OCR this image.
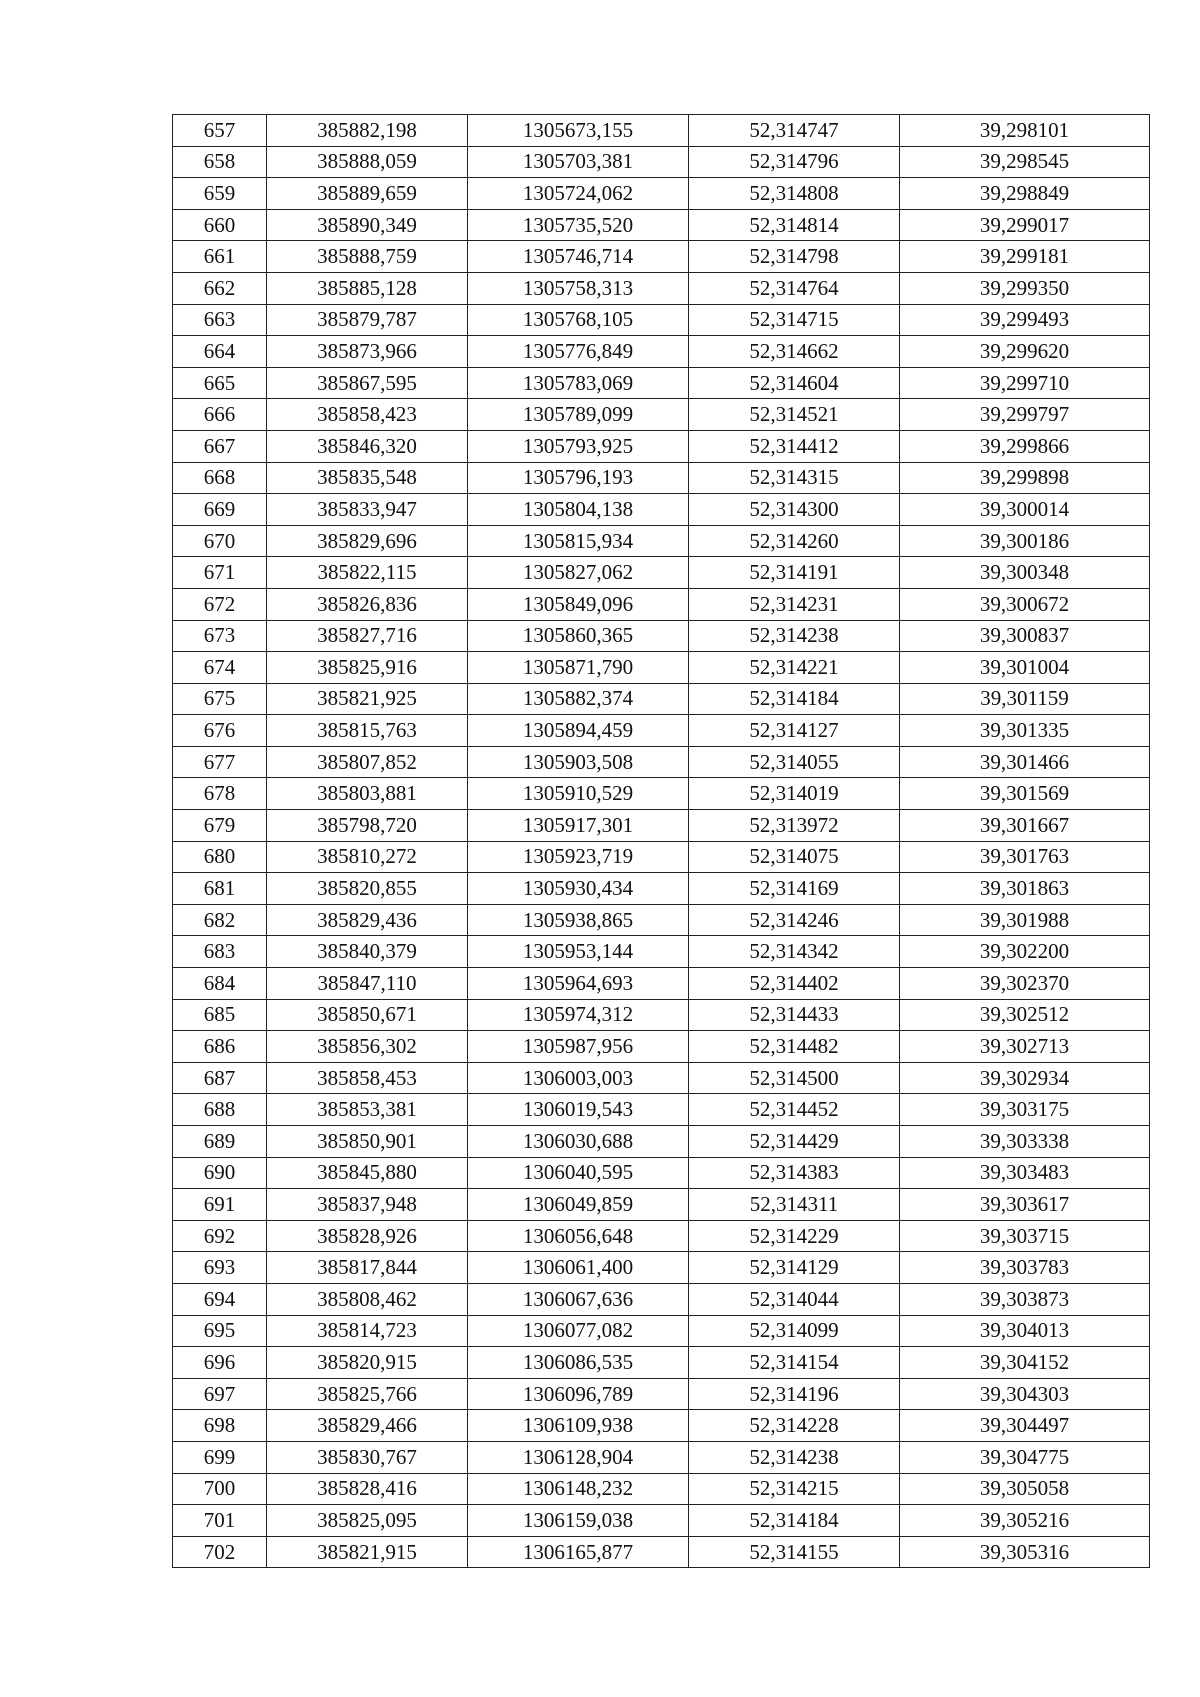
657	385882,198	1305673,155	52,314747	39,298101
658	385888,059	1305703,381	52,314796	39,298545
659	385889,659	1305724,062	52,314808	39,298849
660	385890,349	1305735,520	52,314814	39,299017
661	385888,759	1305746,714	52,314798	39,299181
662	385885,128	1305758,313	52,314764	39,299350
663	385879,787	1305768,105	52,314715	39,299493
664	385873,966	1305776,849	52,314662	39,299620
665	385867,595	1305783,069	52,314604	39,299710
666	385858,423	1305789,099	52,314521	39,299797
667	385846,320	1305793,925	52,314412	39,299866
668	385835,548	1305796,193	52,314315	39,299898
669	385833,947	1305804,138	52,314300	39,300014
670	385829,696	1305815,934	52,314260	39,300186
671	385822,115	1305827,062	52,314191	39,300348
672	385826,836	1305849,096	52,314231	39,300672
673	385827,716	1305860,365	52,314238	39,300837
674	385825,916	1305871,790	52,314221	39,301004
675	385821,925	1305882,374	52,314184	39,301159
676	385815,763	1305894,459	52,314127	39,301335
677	385807,852	1305903,508	52,314055	39,301466
678	385803,881	1305910,529	52,314019	39,301569
679	385798,720	1305917,301	52,313972	39,301667
680	385810,272	1305923,719	52,314075	39,301763
681	385820,855	1305930,434	52,314169	39,301863
682	385829,436	1305938,865	52,314246	39,301988
683	385840,379	1305953,144	52,314342	39,302200
684	385847,110	1305964,693	52,314402	39,302370
685	385850,671	1305974,312	52,314433	39,302512
686	385856,302	1305987,956	52,314482	39,302713
687	385858,453	1306003,003	52,314500	39,302934
688	385853,381	1306019,543	52,314452	39,303175
689	385850,901	1306030,688	52,314429	39,303338
690	385845,880	1306040,595	52,314383	39,303483
691	385837,948	1306049,859	52,314311	39,303617
692	385828,926	1306056,648	52,314229	39,303715
693	385817,844	1306061,400	52,314129	39,303783
694	385808,462	1306067,636	52,314044	39,303873
695	385814,723	1306077,082	52,314099	39,304013
696	385820,915	1306086,535	52,314154	39,304152
697	385825,766	1306096,789	52,314196	39,304303
698	385829,466	1306109,938	52,314228	39,304497
699	385830,767	1306128,904	52,314238	39,304775
700	385828,416	1306148,232	52,314215	39,305058
701	385825,095	1306159,038	52,314184	39,305216
702	385821,915	1306165,877	52,314155	39,305316
